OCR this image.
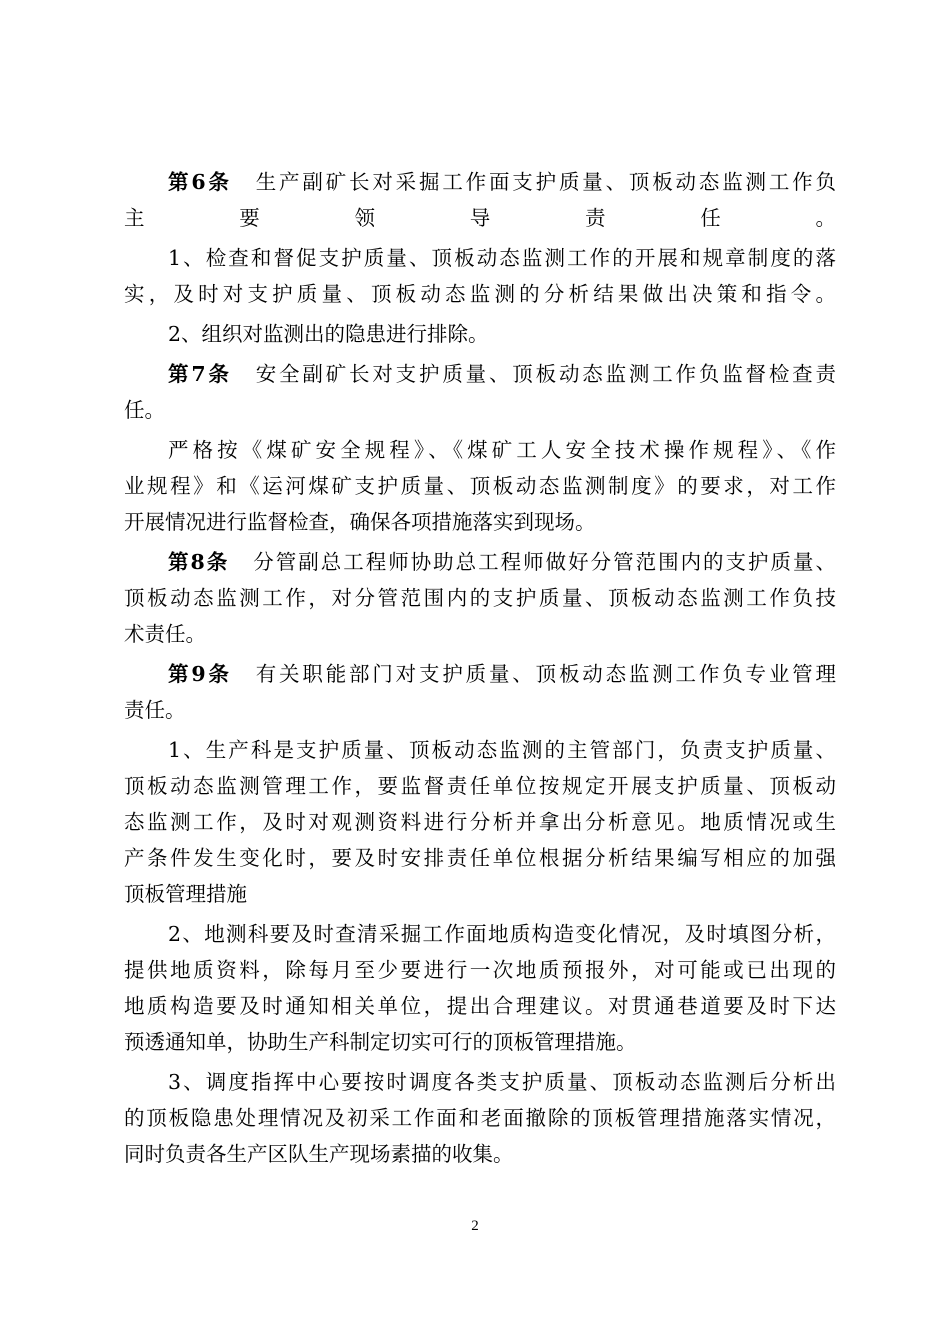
第6条 生产副矿长对采掘工作面支护质量、顶板动态监测工作负
主要领导责任。
1、检查和督促支护质量、顶板动态监测工作的开展和规章制度的落
实，及时对支护质量、顶板动态监测的分析结果做出决策和指令。
2、组织对监测出的隐患进行排除。
第7条 安全副矿长对支护质量、顶板动态监测工作负监督检查责
任。
严格按《煤矿安全规程》、《煤矿工人安全技术操作规程》、《作
业规程》和《运河煤矿支护质量、顶板动态监测制度》的要求，对工作
开展情况进行监督检查，确保各项措施落实到现场。
第8条 分管副总工程师协助总工程师做好分管范围内的支护质量、
顶板动态监测工作，对分管范围内的支护质量、顶板动态监测工作负技
术责任。
第9条 有关职能部门对支护质量、顶板动态监测工作负专业管理
责任。
1、生产科是支护质量、顶板动态监测的主管部门，负责支护质量、
顶板动态监测管理工作，要监督责任单位按规定开展支护质量、顶板动
态监测工作，及时对观测资料进行分析并拿出分析意见。地质情况或生
产条件发生变化时，要及时安排责任单位根据分析结果编写相应的加强
顶板管理措施
2、地测科要及时查清采掘工作面地质构造变化情况，及时填图分析，
提供地质资料，除每月至少要进行一次地质预报外，对可能或已出现的
地质构造要及时通知相关单位，提出合理建议。对贯通巷道要及时下达
预透通知单，协助生产科制定切实可行的顶板管理措施。
3、调度指挥中心要按时调度各类支护质量、顶板动态监测后分析出
的顶板隐患处理情况及初采工作面和老面撤除的顶板管理措施落实情况，
同时负责各生产区队生产现场素描的收集。
2
